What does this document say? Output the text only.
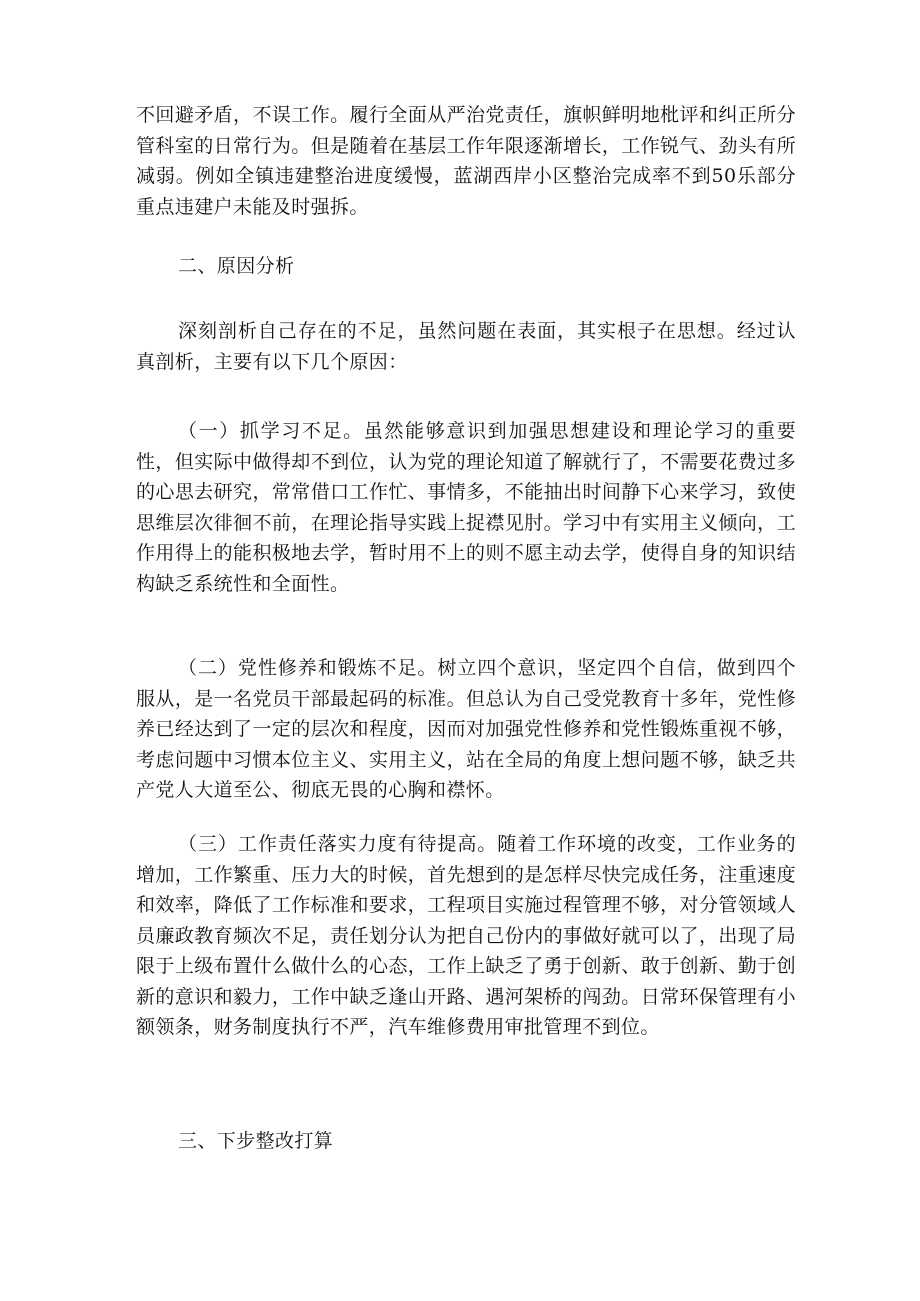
不回避矛盾，不误工作。履行全面从严治党责任，旗帜鲜明地枇评和纠正所分管科室的日常行为。但是随着在基层工作年限逐渐增长，工作锐气、劲头有所减弱。例如全镇违建整治进度缓慢，蓝湖西岸小区整治完成率不到50乐部分重点违建户未能及时强拆。

二、原因分析

深刻剖析自己存在的不足，虽然问题在表面，其实根子在思想。经过认真剖析，主要有以下几个原因：

（一）抓学习不足。虽然能够意识到加强思想建设和理论学习的重要性，但实际中做得却不到位，认为党的理论知道了解就行了，不需要花费过多的心思去研究，常常借口工作忙、事情多，不能抽出时间静下心来学习，致使思维层次徘徊不前，在理论指导实践上捉襟见肘。学习中有实用主义倾向，工作用得上的能积极地去学，暂时用不上的则不愿主动去学，使得自身的知识结构缺乏系统性和全面性。

（二）党性修养和锻炼不足。树立四个意识，坚定四个自信，做到四个服从，是一名党员干部最起码的标准。但总认为自己受党教育十多年，党性修养已经达到了一定的层次和程度，因而对加强党性修养和党性锻炼重视不够，考虑问题中习惯本位主义、实用主义，站在全局的角度上想问题不够，缺乏共产党人大道至公、彻底无畏的心胸和襟怀。

（三）工作责任落实力度有待提高。随着工作环境的改变，工作业务的增加，工作繁重、压力大的时候，首先想到的是怎样尽快完成任务，注重速度和效率，降低了工作标准和要求，工程项目实施过程管理不够，对分管领域人员廉政教育频次不足，责任划分认为把自己份内的事做好就可以了，出现了局限于上级布置什么做什么的心态，工作上缺乏了勇于创新、敢于创新、勤于创新的意识和毅力，工作中缺乏逢山开路、遇河架桥的闯劲。日常环保管理有小额领条，财务制度执行不严，汽车维修费用审批管理不到位。

三、下步整改打算
